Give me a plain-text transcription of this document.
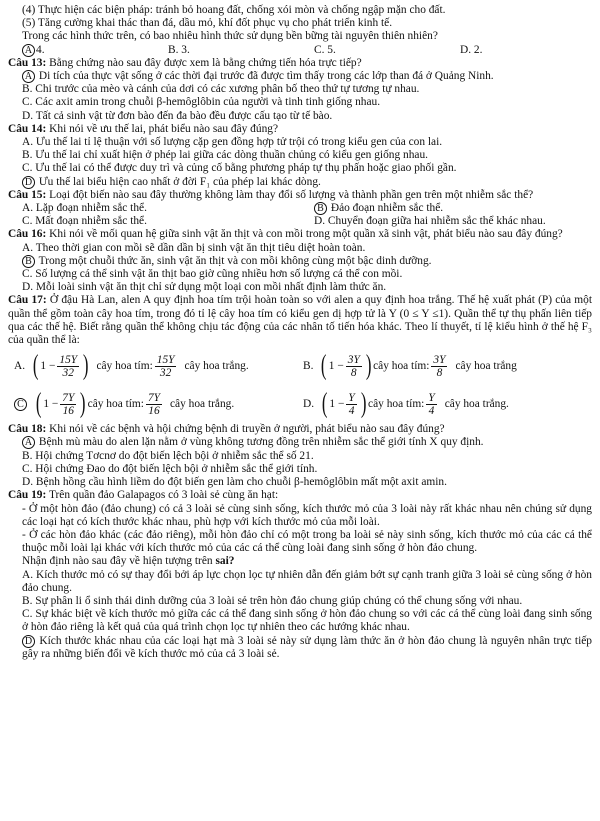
(4) Thực hiện các biện pháp: tránh bỏ hoang đất, chống xói mòn và chống ngập mặn cho đất.
(5) Tăng cường khai thác than đá, dầu mỏ, khí đốt phục vụ cho phát triển kinh tế.
Trong các hình thức trên, có bao nhiêu hình thức sử dụng bền bững tài nguyên thiên nhiên?
A 4.	B. 3.	C. 5.	D. 2.
Câu 13: Bằng chứng nào sau đây được xem là bằng chứng tiến hóa trực tiếp?
A Di tích của thực vật sống ở các thời đại trước đã được tìm thấy trong các lớp than đá ở Quảng Ninh.
B. Chi trước của mèo và cánh của dơi có các xương phân bố theo thứ tự tương tự nhau.
C. Các axit amin trong chuỗi β-hemôglôbin của người và tinh tinh giống nhau.
D. Tất cả sinh vật từ đơn bào đến đa bào đều được cấu tạo từ tế bào.
Câu 14: Khi nói về ưu thế lai, phát biểu nào sau đây đúng?
A. Ưu thế lai tỉ lệ thuận với số lượng cặp gen đồng hợp tử trội có trong kiểu gen của con lai.
B. Ưu thế lai chỉ xuất hiện ở phép lai giữa các dòng thuần chủng có kiểu gen giống nhau.
C. Ưu thế lai có thể được duy trì và củng cố bằng phương pháp tự thụ phấn hoặc giao phối gần.
D Ưu thế lai biểu hiện cao nhất ở đời F₁ của phép lai khác dòng.
Câu 15: Loại đột biến nào sau đây thường không làm thay đổi số lượng và thành phần gen trên một nhiễm sắc thể?
A. Lặp đoạn nhiễm sắc thể.	B Đảo đoạn nhiễm sắc thể.
C. Mất đoạn nhiễm sắc thể.	D. Chuyển đoạn giữa hai nhiễm sắc thể khác nhau.
Câu 16: Khi nói về mối quan hệ giữa sinh vật ăn thịt và con mồi trong một quần xã sinh vật, phát biểu nào sau đây đúng?
A. Theo thời gian con mồi sẽ dần dần bị sinh vật ăn thịt tiêu diệt hoàn toàn.
B Trong một chuỗi thức ăn, sinh vật ăn thịt và con mồi không cùng một bậc dinh dưỡng.
C. Số lượng cá thể sinh vật ăn thịt bao giờ cũng nhiều hơn số lượng cá thể con mồi.
D. Mỗi loài sinh vật ăn thịt chỉ sử dụng một loại con mồi nhất định làm thức ăn.
Câu 17: Ở đậu Hà Lan, alen A quy định hoa tím trội hoàn toàn so với alen a quy định hoa trắng. Thế hệ xuất phát (P) của một quần thể gồm toàn cây hoa tím, trong đó tỉ lệ cây hoa tím có kiểu gen dị hợp tử là Y (0 ≤ Y ≤1). Quần thể tự thụ phấn liên tiếp qua các thế hệ. Biết rằng quần thể không chịu tác động của các nhân tố tiến hóa khác. Theo lí thuyết, tỉ lệ kiểu hình ở thế hệ F₃ của quần thể là:
A. ( $1 - \frac{15Y}{32}$ ) cây hoa tím: $\frac{15Y}{32}$ cây hoa trắng.	B. ( $1 - \frac{3Y}{8}$ ) cây hoa tím: $\frac{3Y}{8}$ cây hoa trắng
C ( $1 - \frac{7Y}{16}$ ) cây hoa tím: $\frac{7Y}{16}$ cây hoa trắng.	D. ( $1 - \frac{Y}{4}$ ) cây hoa tím: $\frac{Y}{4}$ cây hoa trắng.
Câu 18: Khi nói về các bệnh và hội chứng bệnh di truyền ở người, phát biểu nào sau đây đúng?
A Bệnh mù màu do alen lặn nằm ở vùng không tương đồng trên nhiễm sắc thể giới tính X quy định.
B. Hội chứng Tơcnơ do đột biến lệch bội ở nhiễm sắc thể số 21.
C. Hội chứng Đao do đột biến lệch bội ở nhiễm sắc thể giới tính.
D. Bệnh hồng cầu hình liềm do đột biến gen làm cho chuỗi β-hemôglôbin mất một axit amin.
Câu 19: Trên quần đảo Galapagos có 3 loài sẻ cùng ăn hạt:
- Ở một hòn đảo (đảo chung) có cả 3 loài sẻ cùng sinh sống, kích thước mỏ của 3 loài này rất khác nhau nên chúng sử dụng các loại hạt có kích thước khác nhau, phù hợp với kích thước mỏ của mỗi loài.
- Ở các hòn đảo khác (các đảo riêng), mỗi hòn đảo chỉ có một trong ba loài sẻ này sinh sống, kích thước mỏ của các cá thể thuộc mỗi loài lại khác với kích thước mỏ của các cá thể cùng loài đang sinh sống ở hòn đảo chung.
Nhận định nào sau đây về hiện tượng trên sai?
A. Kích thước mỏ có sự thay đổi bởi áp lực chọn lọc tự nhiên dẫn đến giảm bớt sự cạnh tranh giữa 3 loài sẻ cùng sống ở hòn đảo chung.
B. Sự phân li ổ sinh thái dinh dưỡng của 3 loài sẻ trên hòn đảo chung giúp chúng có thể chung sống với nhau.
C. Sự khác biệt về kích thước mỏ giữa các cá thể đang sinh sống ở hòn đảo chung so với các cá thể cùng loài đang sinh sống ở hòn đảo riêng là kết quả của quá trình chọn lọc tự nhiên theo các hướng khác nhau.
D Kích thước khác nhau của các loại hạt mà 3 loài sẻ này sử dụng làm thức ăn ở hòn đảo chung là nguyên nhân trực tiếp gây ra những biến đổi về kích thước mỏ của cả 3 loài sẻ.
